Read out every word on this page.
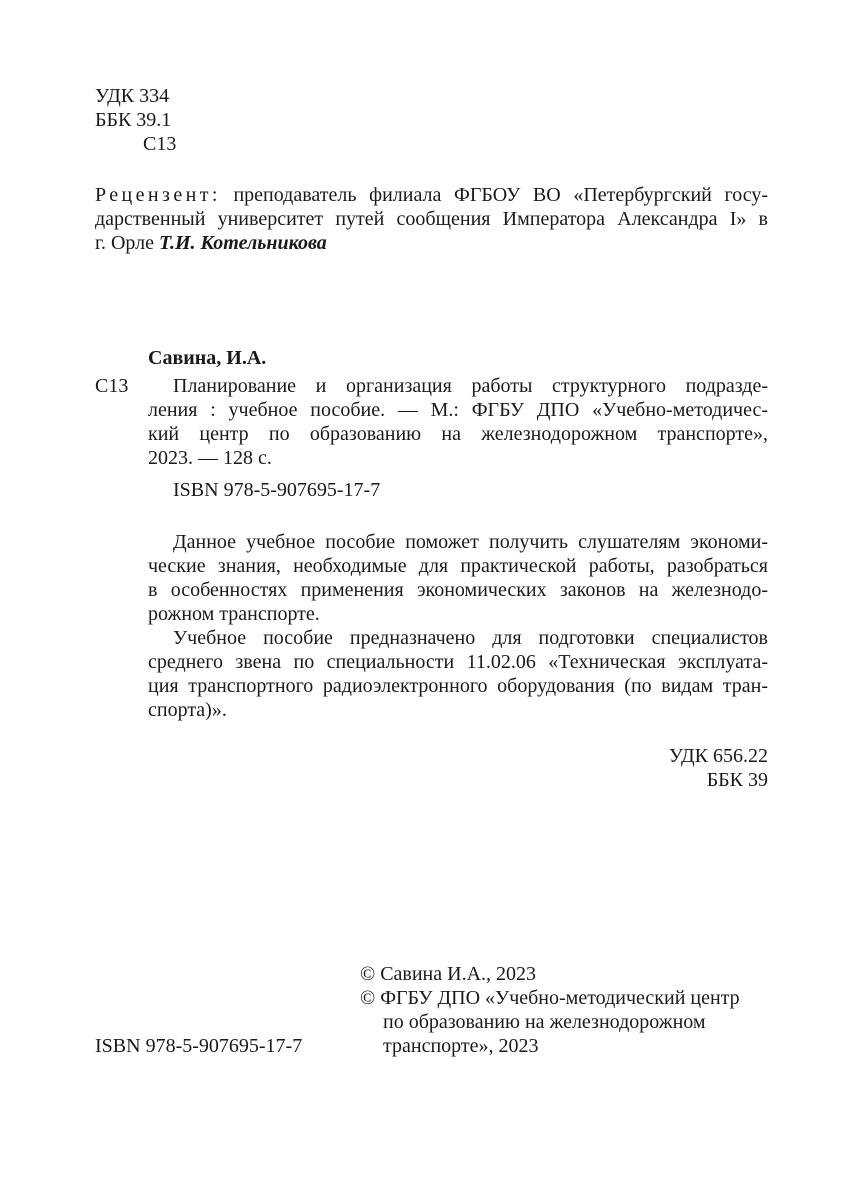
УДК 334
ББК 39.1
С13
Рецензент: преподаватель филиала ФГБОУ ВО «Петербургский госу-
дарственный университет путей сообщения Императора Александра I» в
г. Орле Т.И. Котельникова
Савина, И.А.
С13	Планирование и организация работы структурного подразде-
ления : учебное пособие. — М.: ФГБУ ДПО «Учебно-методичес-
кий центр по образованию на железнодорожном транспорте»,
2023. — 128 с.
ISBN 978-5-907695-17-7
Данное учебное пособие поможет получить слушателям экономи-
ческие знания, необходимые для практической работы, разобраться
в особенностях применения экономических законов на железнодо-
рожном транспорте.
Учебное пособие предназначено для подготовки специалистов
среднего звена по специальности 11.02.06 «Техническая эксплуата-
ция транспортного радиоэлектронного оборудования (по видам тран-
спорта)».
УДК 656.22
ББК 39
© Савина И.А., 2023
© ФГБУ ДПО «Учебно-методический центр
по образованию на железнодорожном
транспорте», 2023
ISBN 978-5-907695-17-7
